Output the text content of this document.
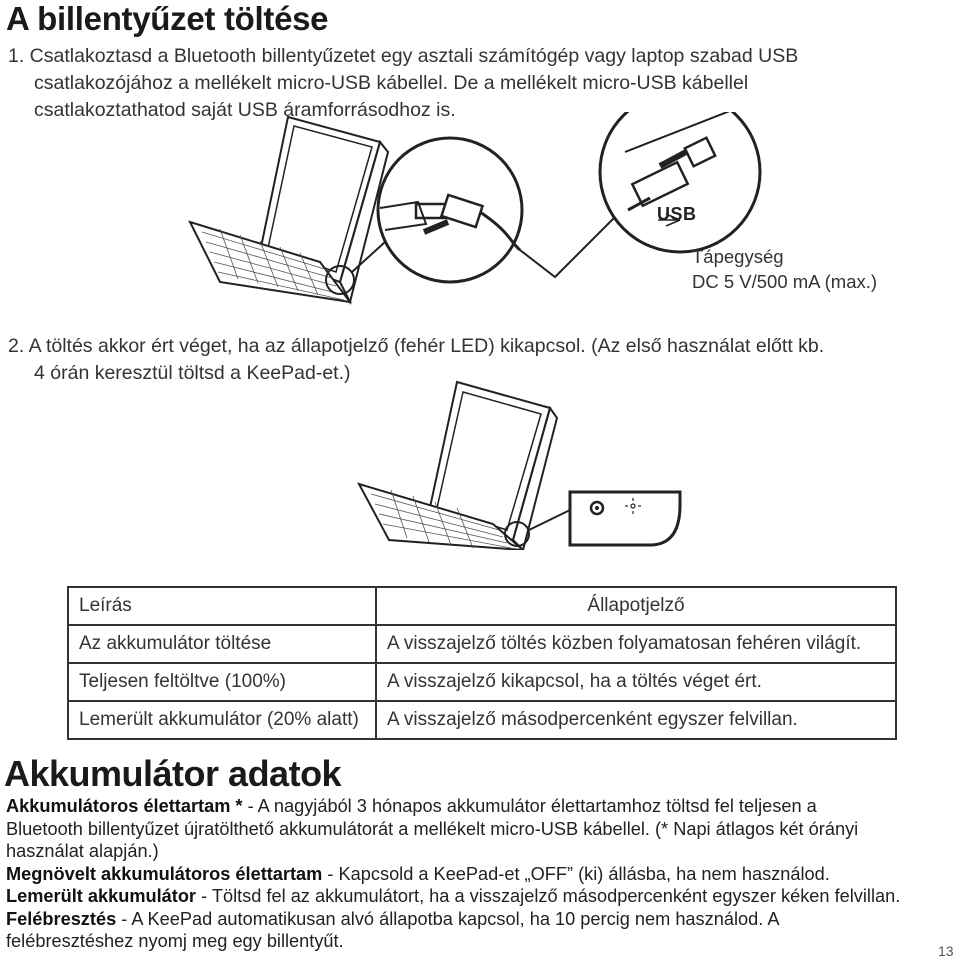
A billentyűzet töltése
1. Csatlakoztasd a Bluetooth billentyűzetet egy asztali számítógép vagy laptop szabad USB

csatlakozójához a mellékelt micro-USB kábellel. De a mellékelt micro-USB kábellel
csatlakoztathatod saját USB áramforrásodhoz is.
USB
Tápegység
DC 5 V/500 mA (max.)
2. A töltés akkor ért véget, ha az állapotjelző (fehér LED) kikapcsol. (Az első használat előtt kb.

4 órán keresztül töltsd a KeePad-et.)
Leírás	Állapotjelző
Az akkumulátor töltése	A visszajelző töltés közben folyamatosan fehéren világít.
Teljesen feltöltve (100%)	A visszajelző kikapcsol, ha a töltés véget ért.
Lemerült akkumulátor (20% alatt)	A visszajelző másodpercenként egyszer felvillan.
Akkumulátor adatok

Akkumulátoros élettartam * - A nagyjából 3 hónapos akkumulátor élettartamhoz töltsd fel teljesen a
Bluetooth billentyűzet újratölthető akkumulátorát a mellékelt micro-USB kábellel. (* Napi átlagos két órányi
használat alapján.)

Megnövelt akkumulátoros élettartam - Kapcsold a KeePad-et „OFF” (ki) állásba, ha nem használod.

Lemerült akkumulátor - Töltsd fel az akkumulátort, ha a visszajelző másodpercenként egyszer kéken felvillan.

Felébresztés - A KeePad automatikusan alvó állapotba kapcsol, ha 10 percig nem használod. A
felébresztéshez nyomj meg egy billentyűt.	13
